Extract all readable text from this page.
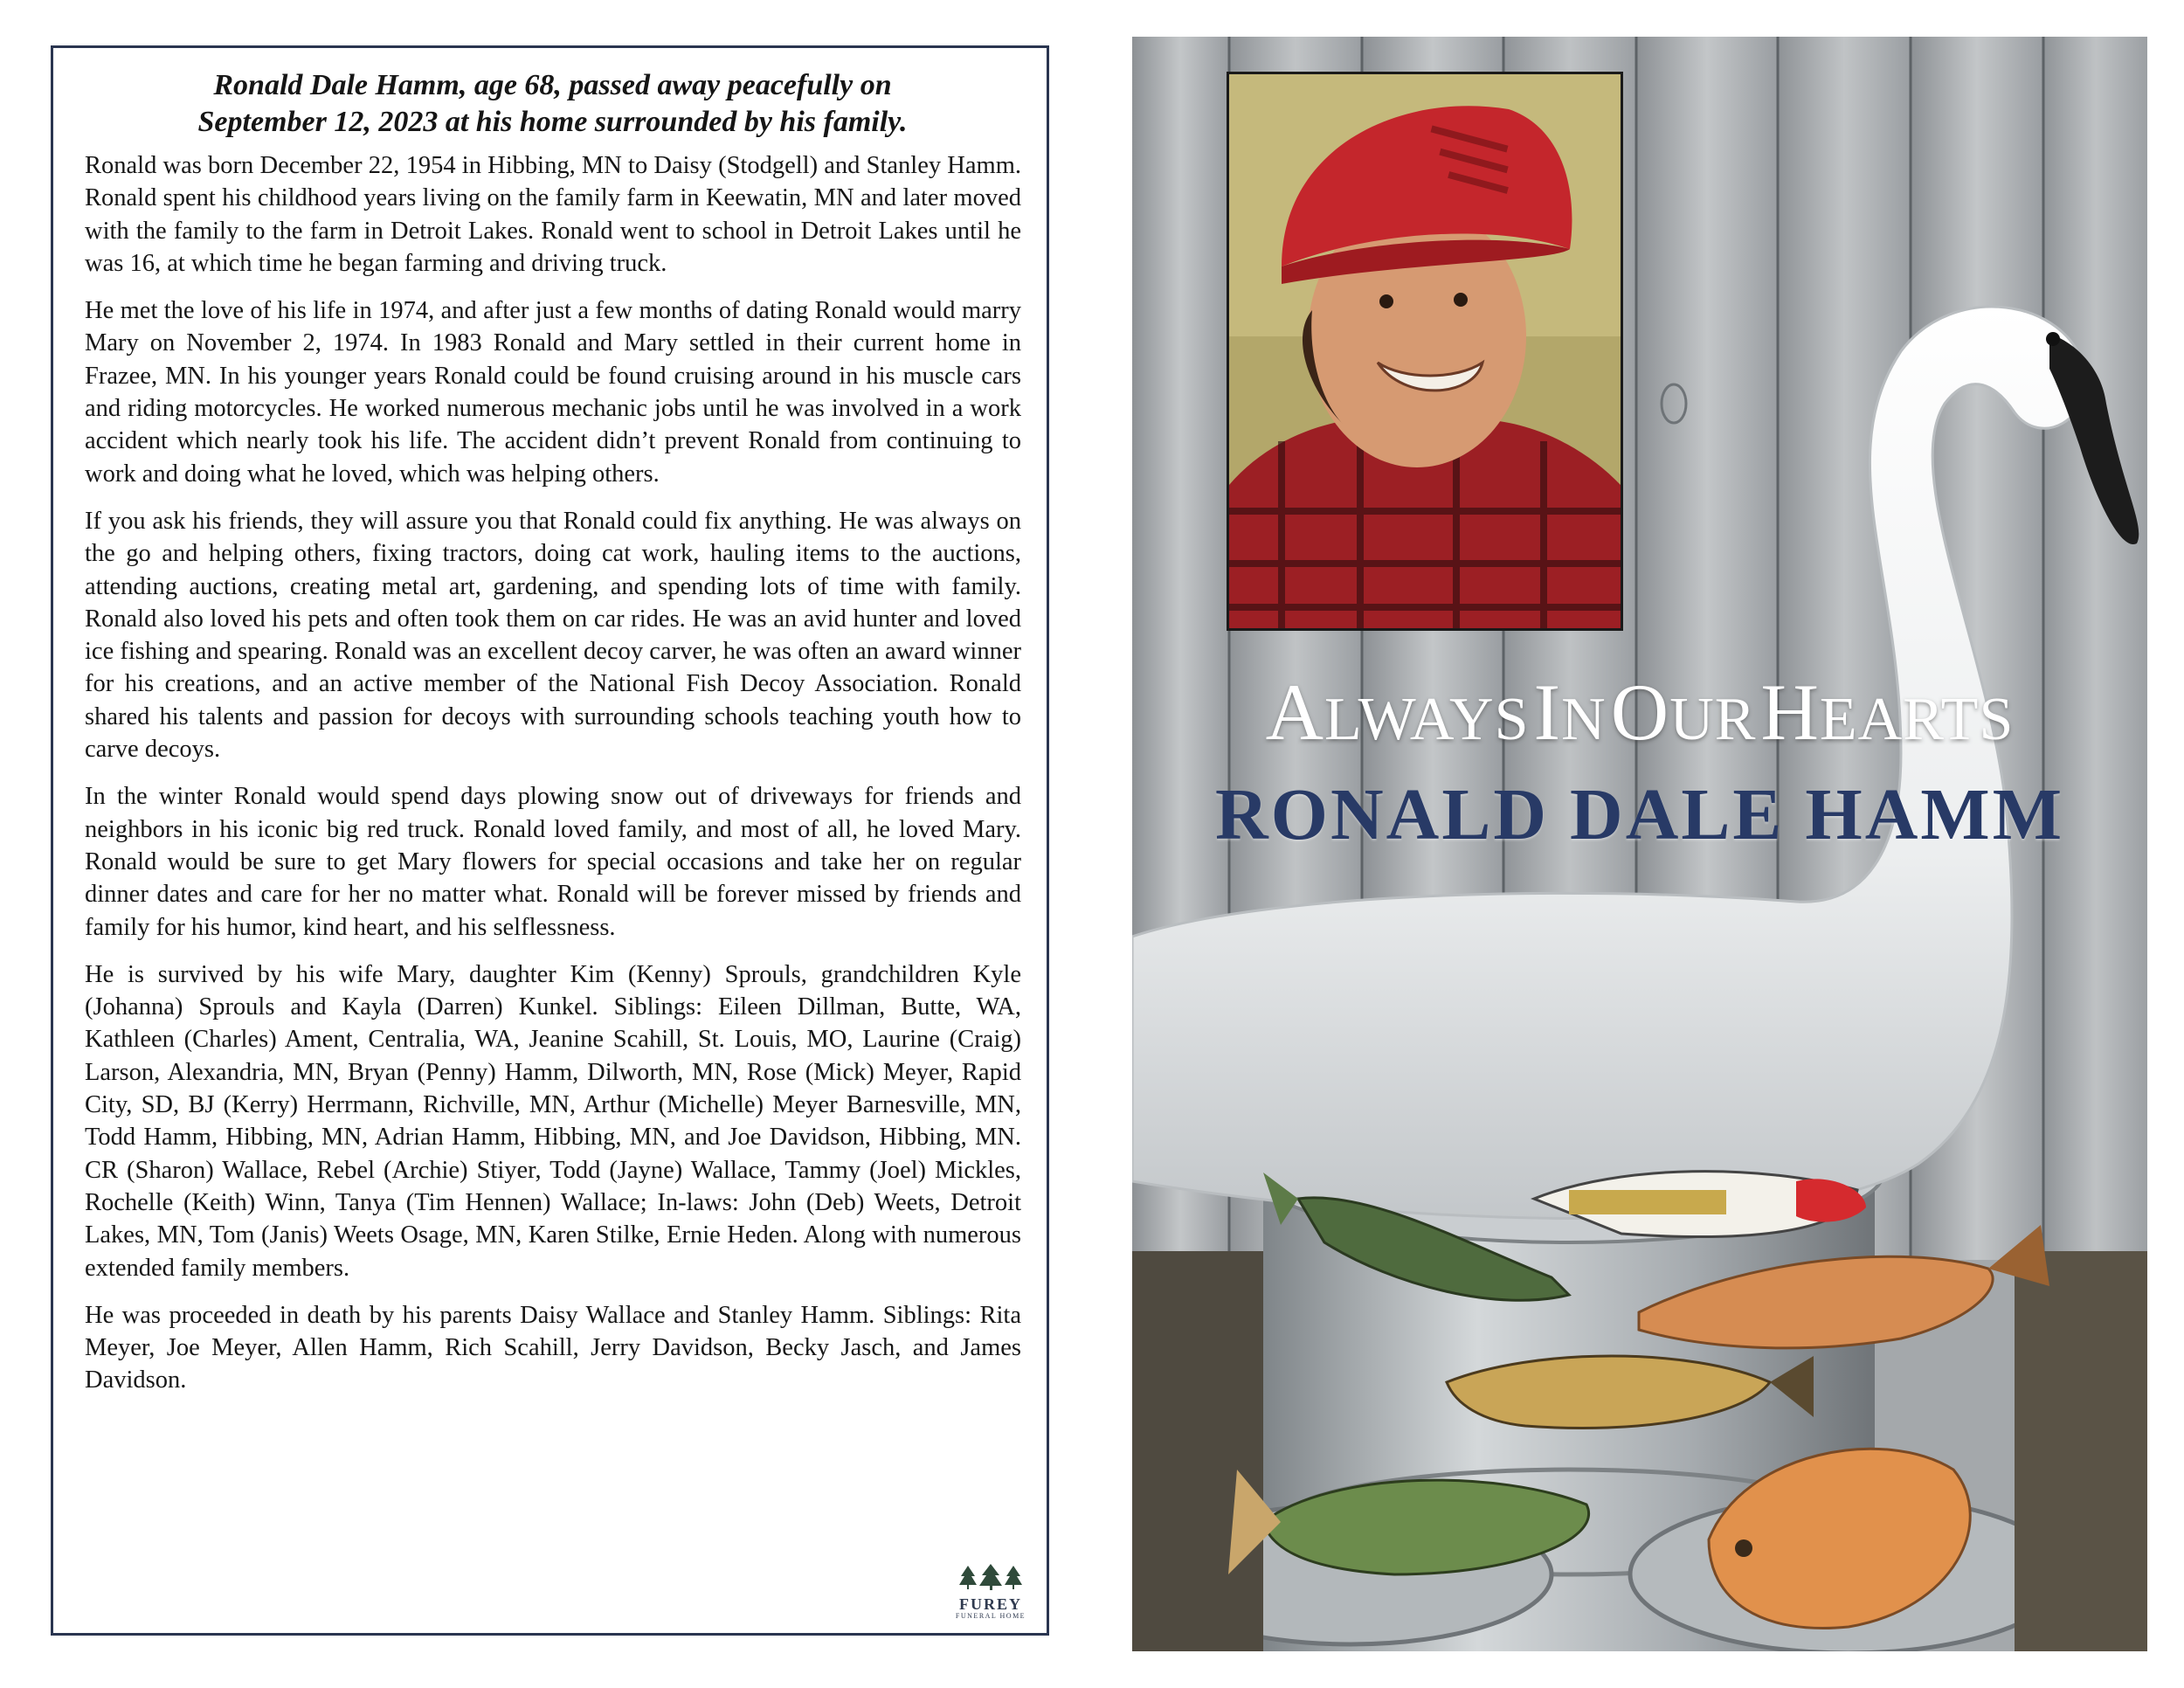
Ronald Dale Hamm, age 68, passed away peacefully on
September 12, 2023 at his home surrounded by his family.

Ronald was born December 22, 1954 in Hibbing, MN to Daisy (Stodgell) and Stanley Hamm. Ronald spent his childhood years living on the family farm in Keewatin, MN and later moved with the family to the farm in Detroit Lakes. Ronald went to school in Detroit Lakes until he was 16, at which time he began farming and driving truck.

He met the love of his life in 1974, and after just a few months of dating Ronald would marry Mary on November 2, 1974. In 1983 Ronald and Mary settled in their current home in Frazee, MN. In his younger years Ronald could be found cruising around in his muscle cars and riding motorcycles. He worked numerous mechanic jobs until he was involved in a work accident which nearly took his life. The accident didn’t prevent Ronald from continuing to work and doing what he loved, which was helping others.

If you ask his friends, they will assure you that Ronald could fix anything. He was always on the go and helping others, fixing tractors, doing cat work, hauling items to the auctions, attending auctions, creating metal art, gardening, and spending lots of time with family. Ronald also loved his pets and often took them on car rides. He was an avid hunter and loved ice fishing and spearing. Ronald was an excellent decoy carver, he was often an award winner for his creations, and an active member of the National Fish Decoy Association. Ronald shared his talents and passion for decoys with surrounding schools teaching youth how to carve decoys.

In the winter Ronald would spend days plowing snow out of driveways for friends and neighbors in his iconic big red truck. Ronald loved family, and most of all, he loved Mary. Ronald would be sure to get Mary flowers for special occasions and take her on regular dinner dates and care for her no matter what. Ronald will be forever missed by friends and family for his humor, kind heart, and his selflessness.

He is survived by his wife Mary, daughter Kim (Kenny) Sprouls, grandchildren Kyle (Johanna) Sprouls and Kayla (Darren) Kunkel. Siblings: Eileen Dillman, Butte, WA, Kathleen (Charles) Ament, Centralia, WA, Jeanine Scahill, St. Louis, MO, Laurine (Craig) Larson, Alexandria, MN, Bryan (Penny) Hamm, Dilworth, MN, Rose (Mick) Meyer, Rapid City, SD, BJ (Kerry) Herrmann, Richville, MN, Arthur (Michelle) Meyer Barnesville, MN, Todd Hamm, Hibbing, MN, Adrian Hamm, Hibbing, MN, and Joe Davidson, Hibbing, MN. CR (Sharon) Wallace, Rebel (Archie) Stiyer, Todd (Jayne) Wallace, Tammy (Joel) Mickles, Rochelle (Keith) Winn, Tanya (Tim Hennen) Wallace; In-laws: John (Deb) Weets, Detroit Lakes, MN, Tom (Janis) Weets Osage, MN, Karen Stilke, Ernie Heden. Along with numerous extended family members.

He was proceeded in death by his parents Daisy Wallace and Stanley Hamm. Siblings: Rita Meyer, Joe Meyer, Allen Hamm, Rich Scahill, Jerry Davidson, Becky Jasch, and James Davidson.

FUREY
FUNERAL HOME
ALWAYS IN OUR HEARTS
RONALD DALE HAMM
